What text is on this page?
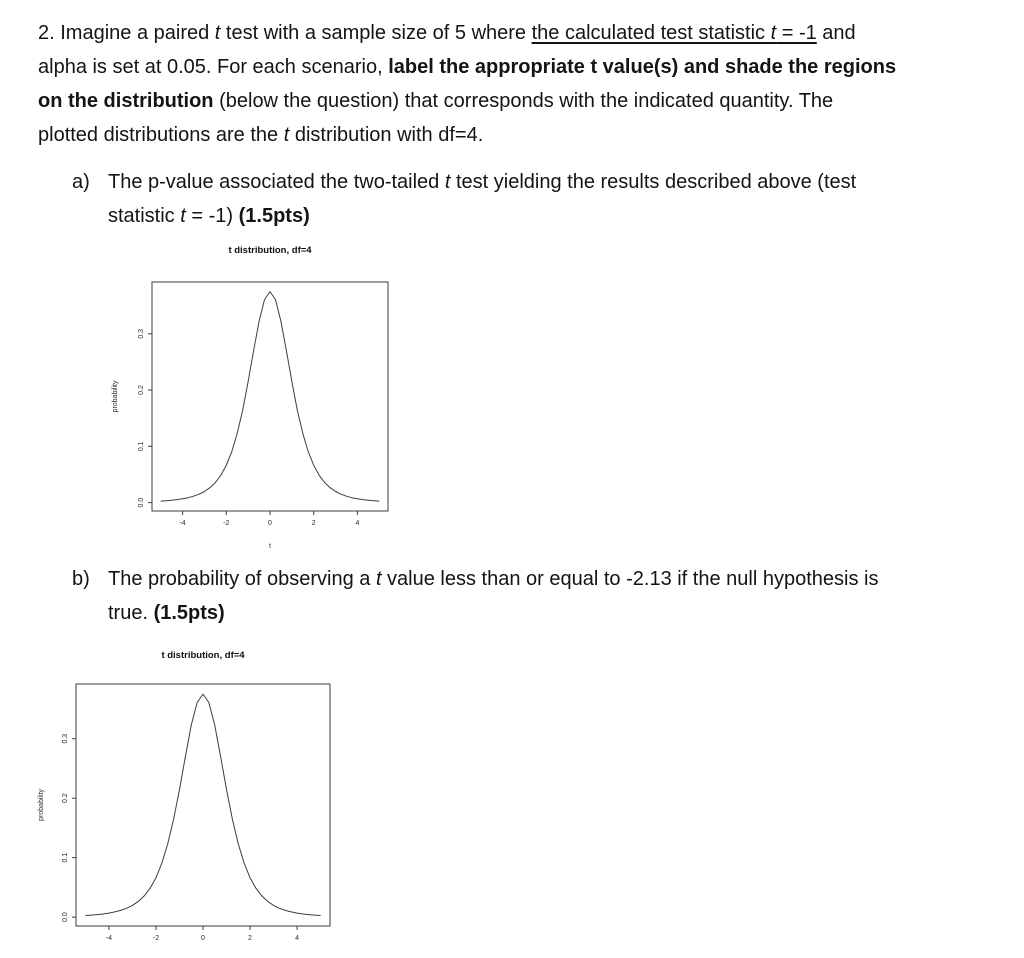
2. Imagine a paired t test with a sample size of 5 where the calculated test statistic t = -1 and
alpha is set at 0.05. For each scenario, label the appropriate t value(s) and shade the regions
on the distribution (below the question) that corresponds with the indicated quantity. The
plotted distributions are the t distribution with df=4.
a) The p-value associated the two-tailed t test yielding the results described above (test
statistic t = -1) (1.5pts)
-4	-2	0	2	4
0.0
0.1
0.2
0.3
t distribution, df=4
probability
t
b) The probability of observing a t value less than or equal to -2.13 if the null hypothesis is
true. (1.5pts)
-4	-2	0	2	4
0.0
0.1
0.2
0.3
t distribution, df=4
probability
